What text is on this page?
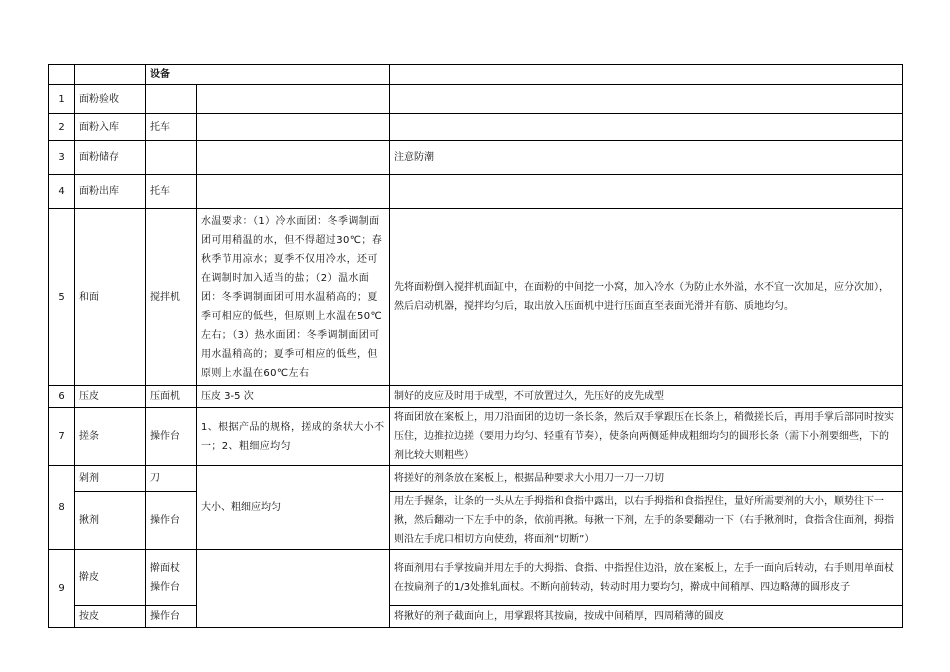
		设备		
1	面粉验收			
2	面粉入库	托车		
3	面粉储存			注意防潮
4	面粉出库	托车		
5	和面	搅拌机	水温要求：（1）冷水面团：冬季调制面团可用稍温的水，但不得超过30℃；春秋季节用凉水；夏季不仅用冷水，还可在调制时加入适当的盐；（2）温水面团：冬季调制面团可用水温稍高的；夏季可相应的低些，但原则上水温在50℃左右；（3）热水面团：冬季调制面团可用水温稍高的；夏季可相应的低些，但原则上水温在60℃左右	先将面粉倒入搅拌机面缸中，在面粉的中间挖一小窝，加入冷水（为防止水外溢，水不宜一次加足，应分次加），然后启动机器，搅拌均匀后，取出放入压面机中进行压面直至表面光滑并有筋、质地均匀。
6	压皮	压面机	压皮 3-5 次	制好的皮应及时用于成型，不可放置过久，先压好的皮先成型
7	搓条	操作台	1、根据产品的规格，搓成的条状大小不一；2、粗细应均匀	将面团放在案板上，用刀沿面团的边切一条长条，然后双手掌跟压在长条上，稍微搓长后，再用手掌后部同时按实压住，边推拉边搓（要用力均匀、轻重有节奏），使条向两侧延伸成粗细均匀的圆形长条（需下小剂要细些，下的剂比较大则粗些）
8	剁剂	刀	大小、粗细应均匀	将搓好的剂条放在案板上，根据品种要求大小用刀一刀一刀切
	揪剂	操作台		用左手握条，让条的一头从左手拇指和食指中露出，以右手拇指和食指捏住，量好所需要剂的大小，顺势往下一揪，然后翻动一下左手中的条，依前再揪。每揪一下剂，左手的条要翻动一下（右手揪剂时，食指含住面剂，拇指则沿左手虎口相切方向使劲，将面剂“切断”）
9	擀皮	擀面杖 操作台		将面剂用右手掌按扁并用左手的大拇指、食指、中指捏住边沿，放在案板上，左手一面向后转动，右手则用单面杖在按扁剂子的1/3处推轧面杖。不断向前转动，转动时用力要均匀，擀成中间稍厚、四边略薄的圆形皮子
	按皮	操作台		将揪好的剂子截面向上，用掌跟将其按扁，按成中间稍厚，四周稍薄的圆皮
